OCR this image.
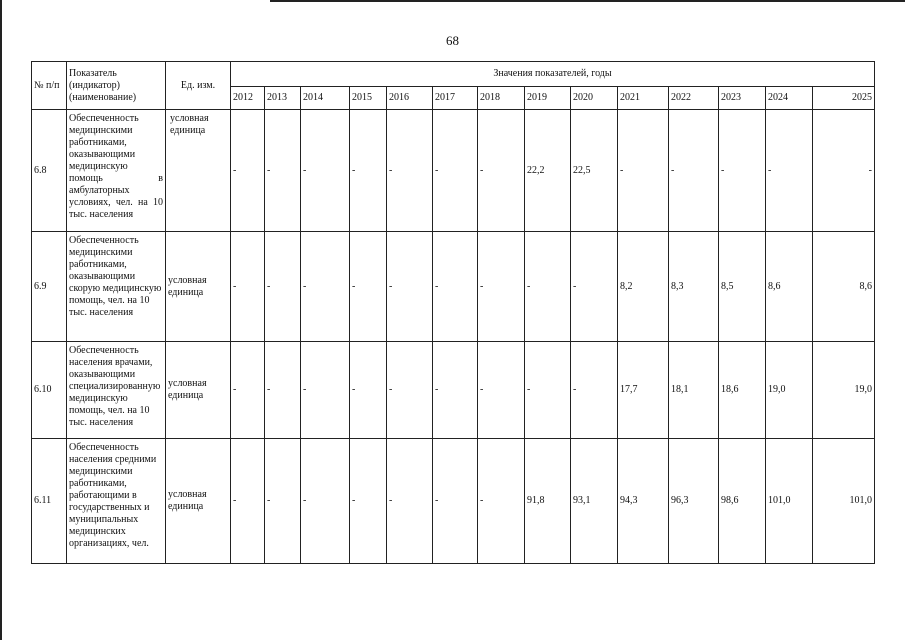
68
№ п/п	Показатель (индикатор) (наименование)	Ед. изм.	Значения показателей, годы													
			2012	2013	2014	2015	2016	2017	2018	2019	2020	2021	2022	2023	2024	2025
6.8	Обеспеченность медицинскими работниками, оказывающими медицинскую помощь в амбулаторных условиях, чел. на 10 тыс. населения	условная единица	-	-	-	-	-	-	-	22,2	22,5	-	-	-	-	-
6.9	Обеспеченность медицинскими работниками, оказывающими скорую медицинскую помощь, чел. на 10 тыс. населения	условная единица	-	-	-	-	-	-	-	-	-	8,2	8,3	8,5	8,6	8,6
6.10	Обеспеченность населения врачами, оказывающими специализированную медицинскую помощь, чел. на 10 тыс. населения	условная единица	-	-	-	-	-	-	-	-	-	17,7	18,1	18,6	19,0	19,0
6.11	Обеспеченность населения средними медицинскими работниками, работающими в государственных и муниципальных медицинских организациях, чел.	условная единица	-	-	-	-	-	-	-	91,8	93,1	94,3	96,3	98,6	101,0	101,0
